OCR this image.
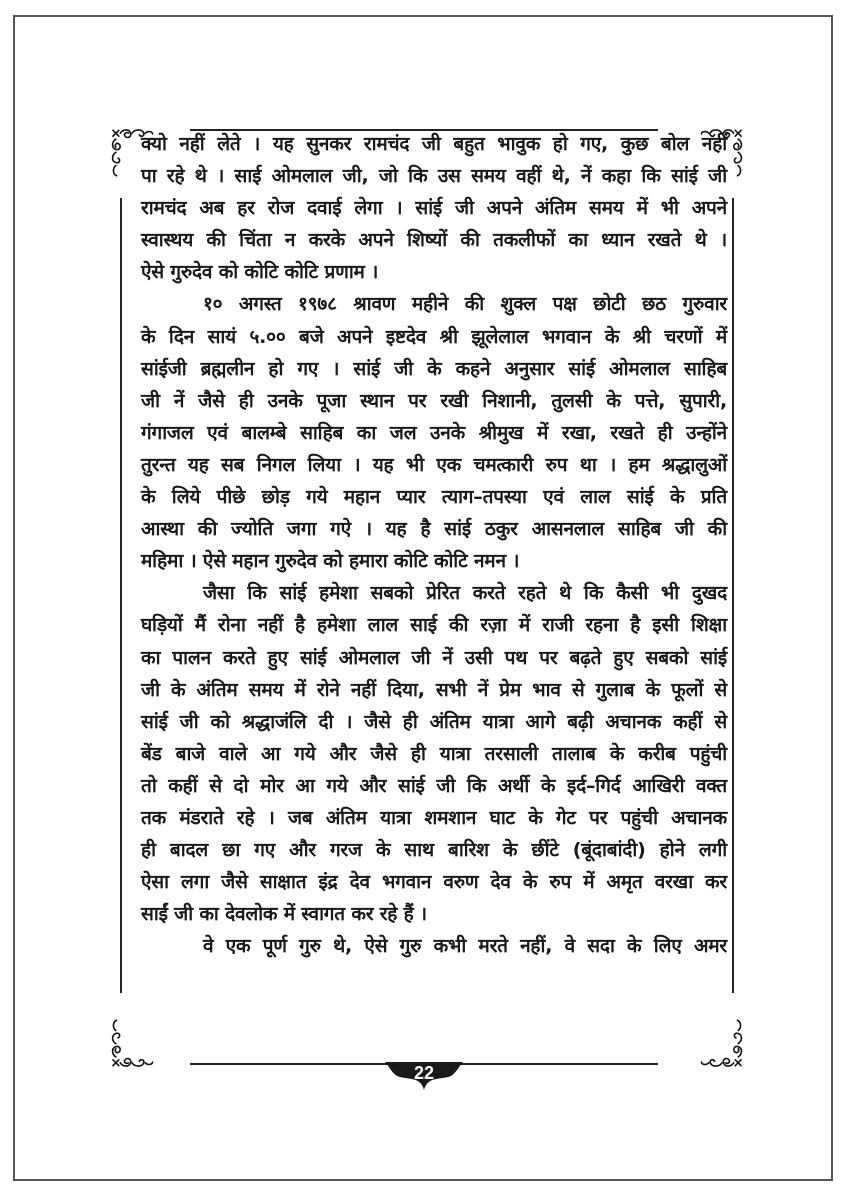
क्यो नहीं लेते । यह सुनकर रामचंद जी बहुत भावुक हो गए, कुछ बोल नहीं
पा रहे थे । साई ओमलाल जी, जो कि उस समय वहीं थे, नें कहा कि सांई जी
रामचंद अब हर रोज दवाई लेगा । सांई जी अपने अंतिम समय में भी अपने
स्वास्थय की चिंता न करके अपने शिष्यों की तकलीफों का ध्यान रखते थे ।
ऐसे गुरुदेव को कोटि कोटि प्रणाम ।
१० अगस्त १९७८ श्रावण महीने की शुक्ल पक्ष छोटी छठ गुरुवार
के दिन सायं ५.०० बजे अपने इष्टदेव श्री झूलेलाल भगवान के श्री चरणों में
सांईजी ब्रह्मलीन हो गए । सांई जी के कहने अनुसार सांई ओमलाल साहिब
जी नें जैसे ही उनके पूजा स्थान पर रखी निशानी, तुलसी के पत्ते, सुपारी,
गंगाजल एवं बालम्बे साहिब का जल उनके श्रीमुख में रखा, रखते ही उन्होंने
तुरन्त यह सब निगल लिया । यह भी एक चमत्कारी रुप था । हम श्रद्धालुओं
के लिये पीछे छोड़ गये महान प्यार त्याग–तपस्या एवं लाल सांई के प्रति
आस्था की ज्योति जगा गऐ । यह है सांई ठकुर आसनलाल साहिब जी की
महिमा । ऐसे महान गुरुदेव को हमारा कोटि कोटि नमन ।
जैसा कि सांई हमेशा सबको प्रेरित करते रहते थे कि कैसी भी दुखद
घड़ियों मैं रोना नहीं है हमेशा लाल साई की रज़ा में राजी रहना है इसी शिक्षा
का पालन करते हुए सांई ओमलाल जी नें उसी पथ पर बढ़ते हुए सबको सांई
जी के अंतिम समय में रोने नहीं दिया, सभी नें प्रेम भाव से गुलाब के फूलों से
सांई जी को श्रद्धाजंलि दी । जैसे ही अंतिम यात्रा आगे बढ़ी अचानक कहीं से
बेंड बाजे वाले आ गये और जैसे ही यात्रा तरसाली तालाब के करीब पहुंची
तो कहीं से दो मोर आ गये और सांई जी कि अर्थी के इर्द–गिर्द आखिरी वक्त
तक मंडराते रहे । जब अंतिम यात्रा शमशान घाट के गेट पर पहुंची अचानक
ही बादल छा गए और गरज के साथ बारिश के छींटे (बूंदाबांदी) होने लगी
ऐसा लगा जैसे साक्षात इंद्र देव भगवान वरुण देव के रुप में अमृत वरखा कर
साईं जी का देवलोक में स्वागत कर रहे हैं ।
वे एक पूर्ण गुरु थे, ऐसे गुरु कभी मरते नहीं, वे सदा के लिए अमर
22
